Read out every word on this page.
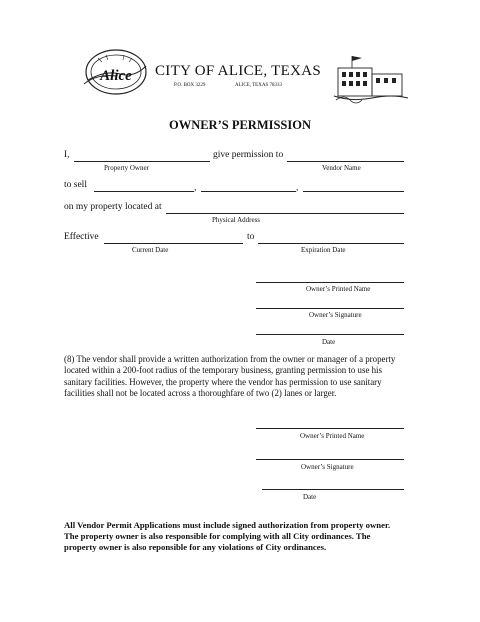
Alice CITY OF ALICE, TEXAS
P.O. BOX 3229	ALICE, TEXAS 78333
OWNER’S PERMISSION
I,	give permission to
Property Owner	Vendor Name
to sell	,	,
on my property located at
Physical Address
Effective	to
Current Date	Expiration Date
Owner’s Printed Name
Owner’s Signature
Date
(8) The vendor shall provide a written authorization from the owner or manager of a property located within a 200-foot radius of the temporary business, granting permission to use his sanitary facilities. However, the property where the vendor has permission to use sanitary facilities shall not be located across a thoroughfare of two (2) lanes or larger.
Owner’s Printed Name
Owner’s Signature
Date
All Vendor Permit Applications must include signed authorization from property owner. The property owner is also responsible for complying with all City ordinances. The property owner is also reponsible for any violations of City ordinances.
